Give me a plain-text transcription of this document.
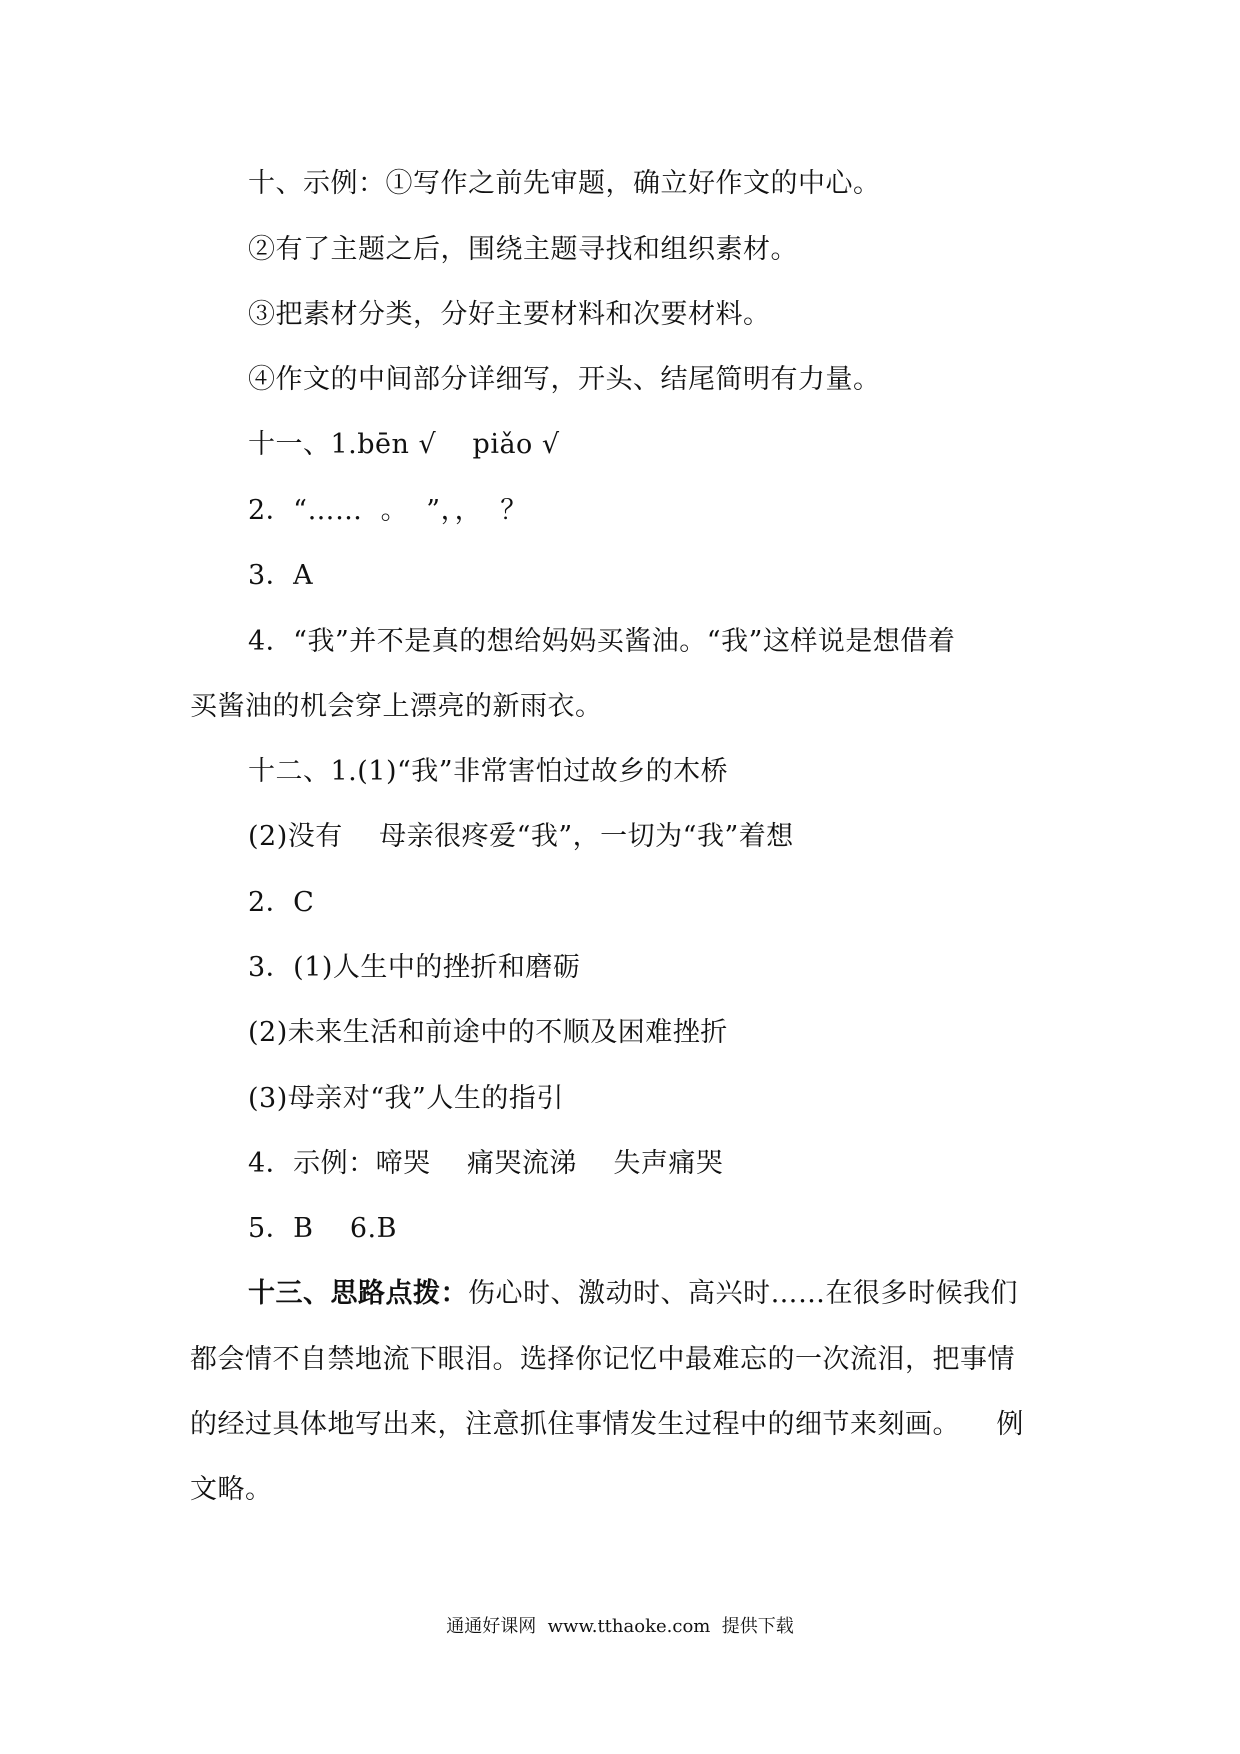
十、示例：①写作之前先审题，确立好作文的中心。
②有了主题之后，围绕主题寻找和组织素材。
③把素材分类，分好主要材料和次要材料。
④作文的中间部分详细写，开头、结尾简明有力量。
十一、1.bēn √    piǎo √
2．“……  。  ”，，  ？
3．A
4．“我”并不是真的想给妈妈买酱油。“我”这样说是想借着
买酱油的机会穿上漂亮的新雨衣。
十二、1.(1)“我”非常害怕过故乡的木桥
(2)没有    母亲很疼爱“我”，一切为“我”着想
2．C
3．(1)人生中的挫折和磨砺
(2)未来生活和前途中的不顺及困难挫折
(3)母亲对“我”人生的指引
4．示例：啼哭    痛哭流涕    失声痛哭
5．B    6.B
十三、思路点拨：伤心时、激动时、高兴时……在很多时候我们
都会情不自禁地流下眼泪。选择你记忆中最难忘的一次流泪，把事情
的经过具体地写出来，注意抓住事情发生过程中的细节来刻画。    例
文略。
通通好课网  www.tthaoke.com  提供下载
